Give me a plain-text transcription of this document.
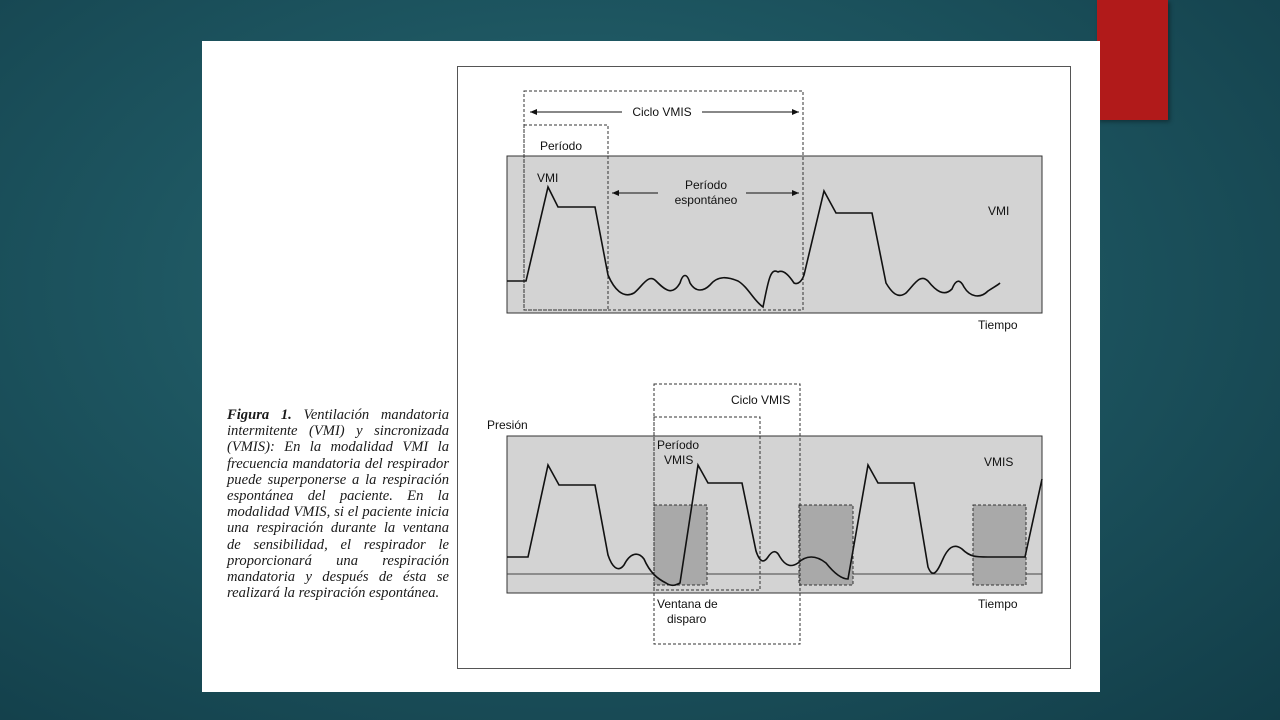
Figura 1. Ventilación mandatoria intermitente (VMI) y sincronizada (VMIS): En la modalidad VMI la frecuencia mandatoria del respirador puede superponerse a la respiración espontánea del paciente. En la modalidad VMIS, si el paciente inicia una respiración durante la ventana de sensibilidad, el respirador le proporcionará una respiración mandatoria y después de ésta se realizará la respiración espontánea.
Ciclo VMIS
Período
VMI	Período
espontáneo
VMI
Tiempo
Ciclo VMIS
Presión
Período
VMIS	VMIS
Ventana de
disparo
Tiempo
